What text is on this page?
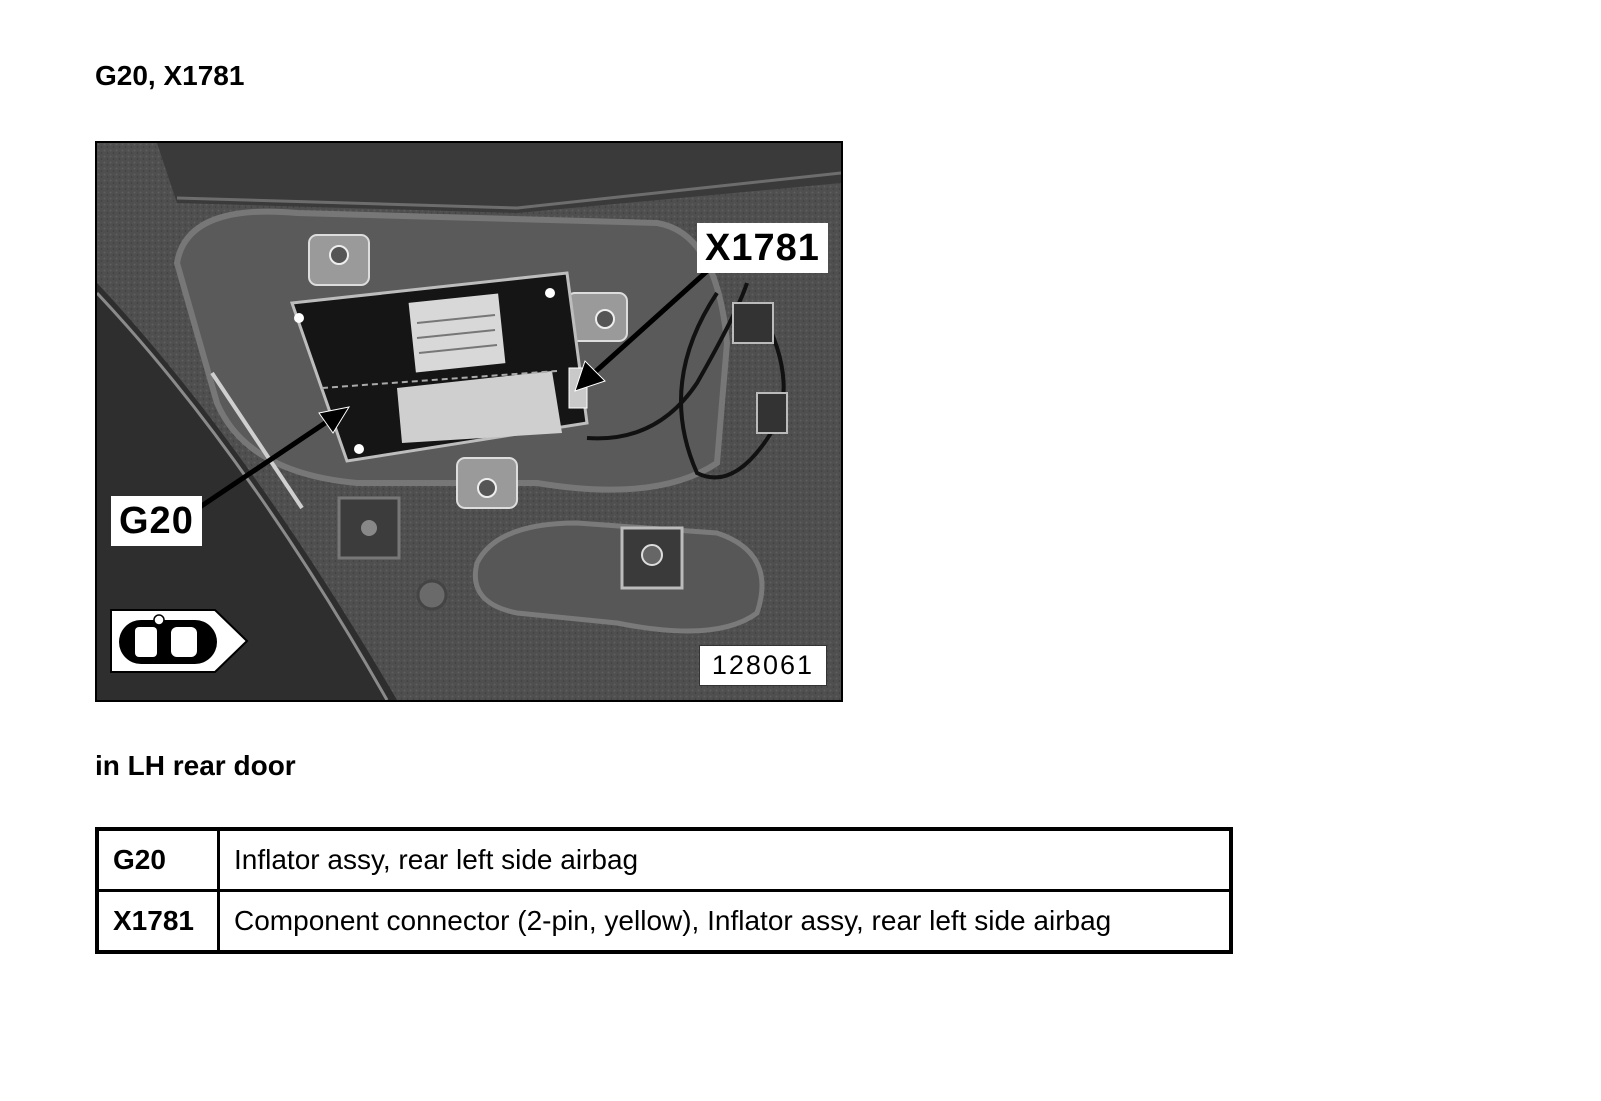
G20, X1781
X1781
G20
128061
in LH rear door
G20	Inflator assy, rear left side airbag
X1781	Component connector (2-pin, yellow), Inflator assy, rear left side airbag
